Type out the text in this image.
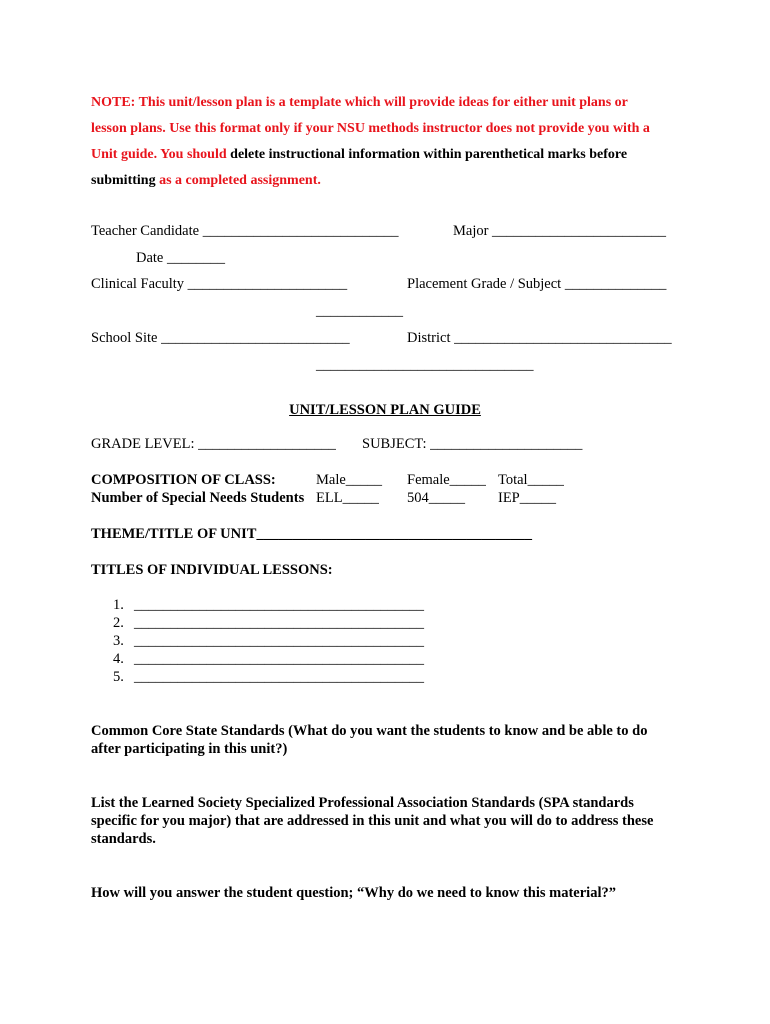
NOTE: This unit/lesson plan is a template which will provide ideas for either unit plans or
lesson plans. Use this format only if your NSU methods instructor does not provide you with a
Unit guide. You should delete instructional information within parenthetical marks before
submitting as a completed assignment.
Teacher Candidate ___________________________	Major ________________________
Date ________
Clinical Faculty ______________________	Placement Grade / Subject ______________
____________
School Site __________________________	District ______________________________
______________________________
UNIT/LESSON PLAN GUIDE
GRADE LEVEL: ___________________ SUBJECT: _____________________
COMPOSITION OF CLASS:	Male_____ Female_____ Total_____
Number of Special Needs Students ELL_____ 504_____ IEP_____
THEME/TITLE OF UNIT______________________________________
TITLES OF INDIVIDUAL LESSONS:
1. ________________________________________
2. ________________________________________
3. ________________________________________
4. ________________________________________
5. ________________________________________
Common Core State Standards (What do you want the students to know and be able to do
after participating in this unit?)
List the Learned Society Specialized Professional Association Standards (SPA standards
specific for you major) that are addressed in this unit and what you will do to address these
standards.
How will you answer the student question; “Why do we need to know this material?”
